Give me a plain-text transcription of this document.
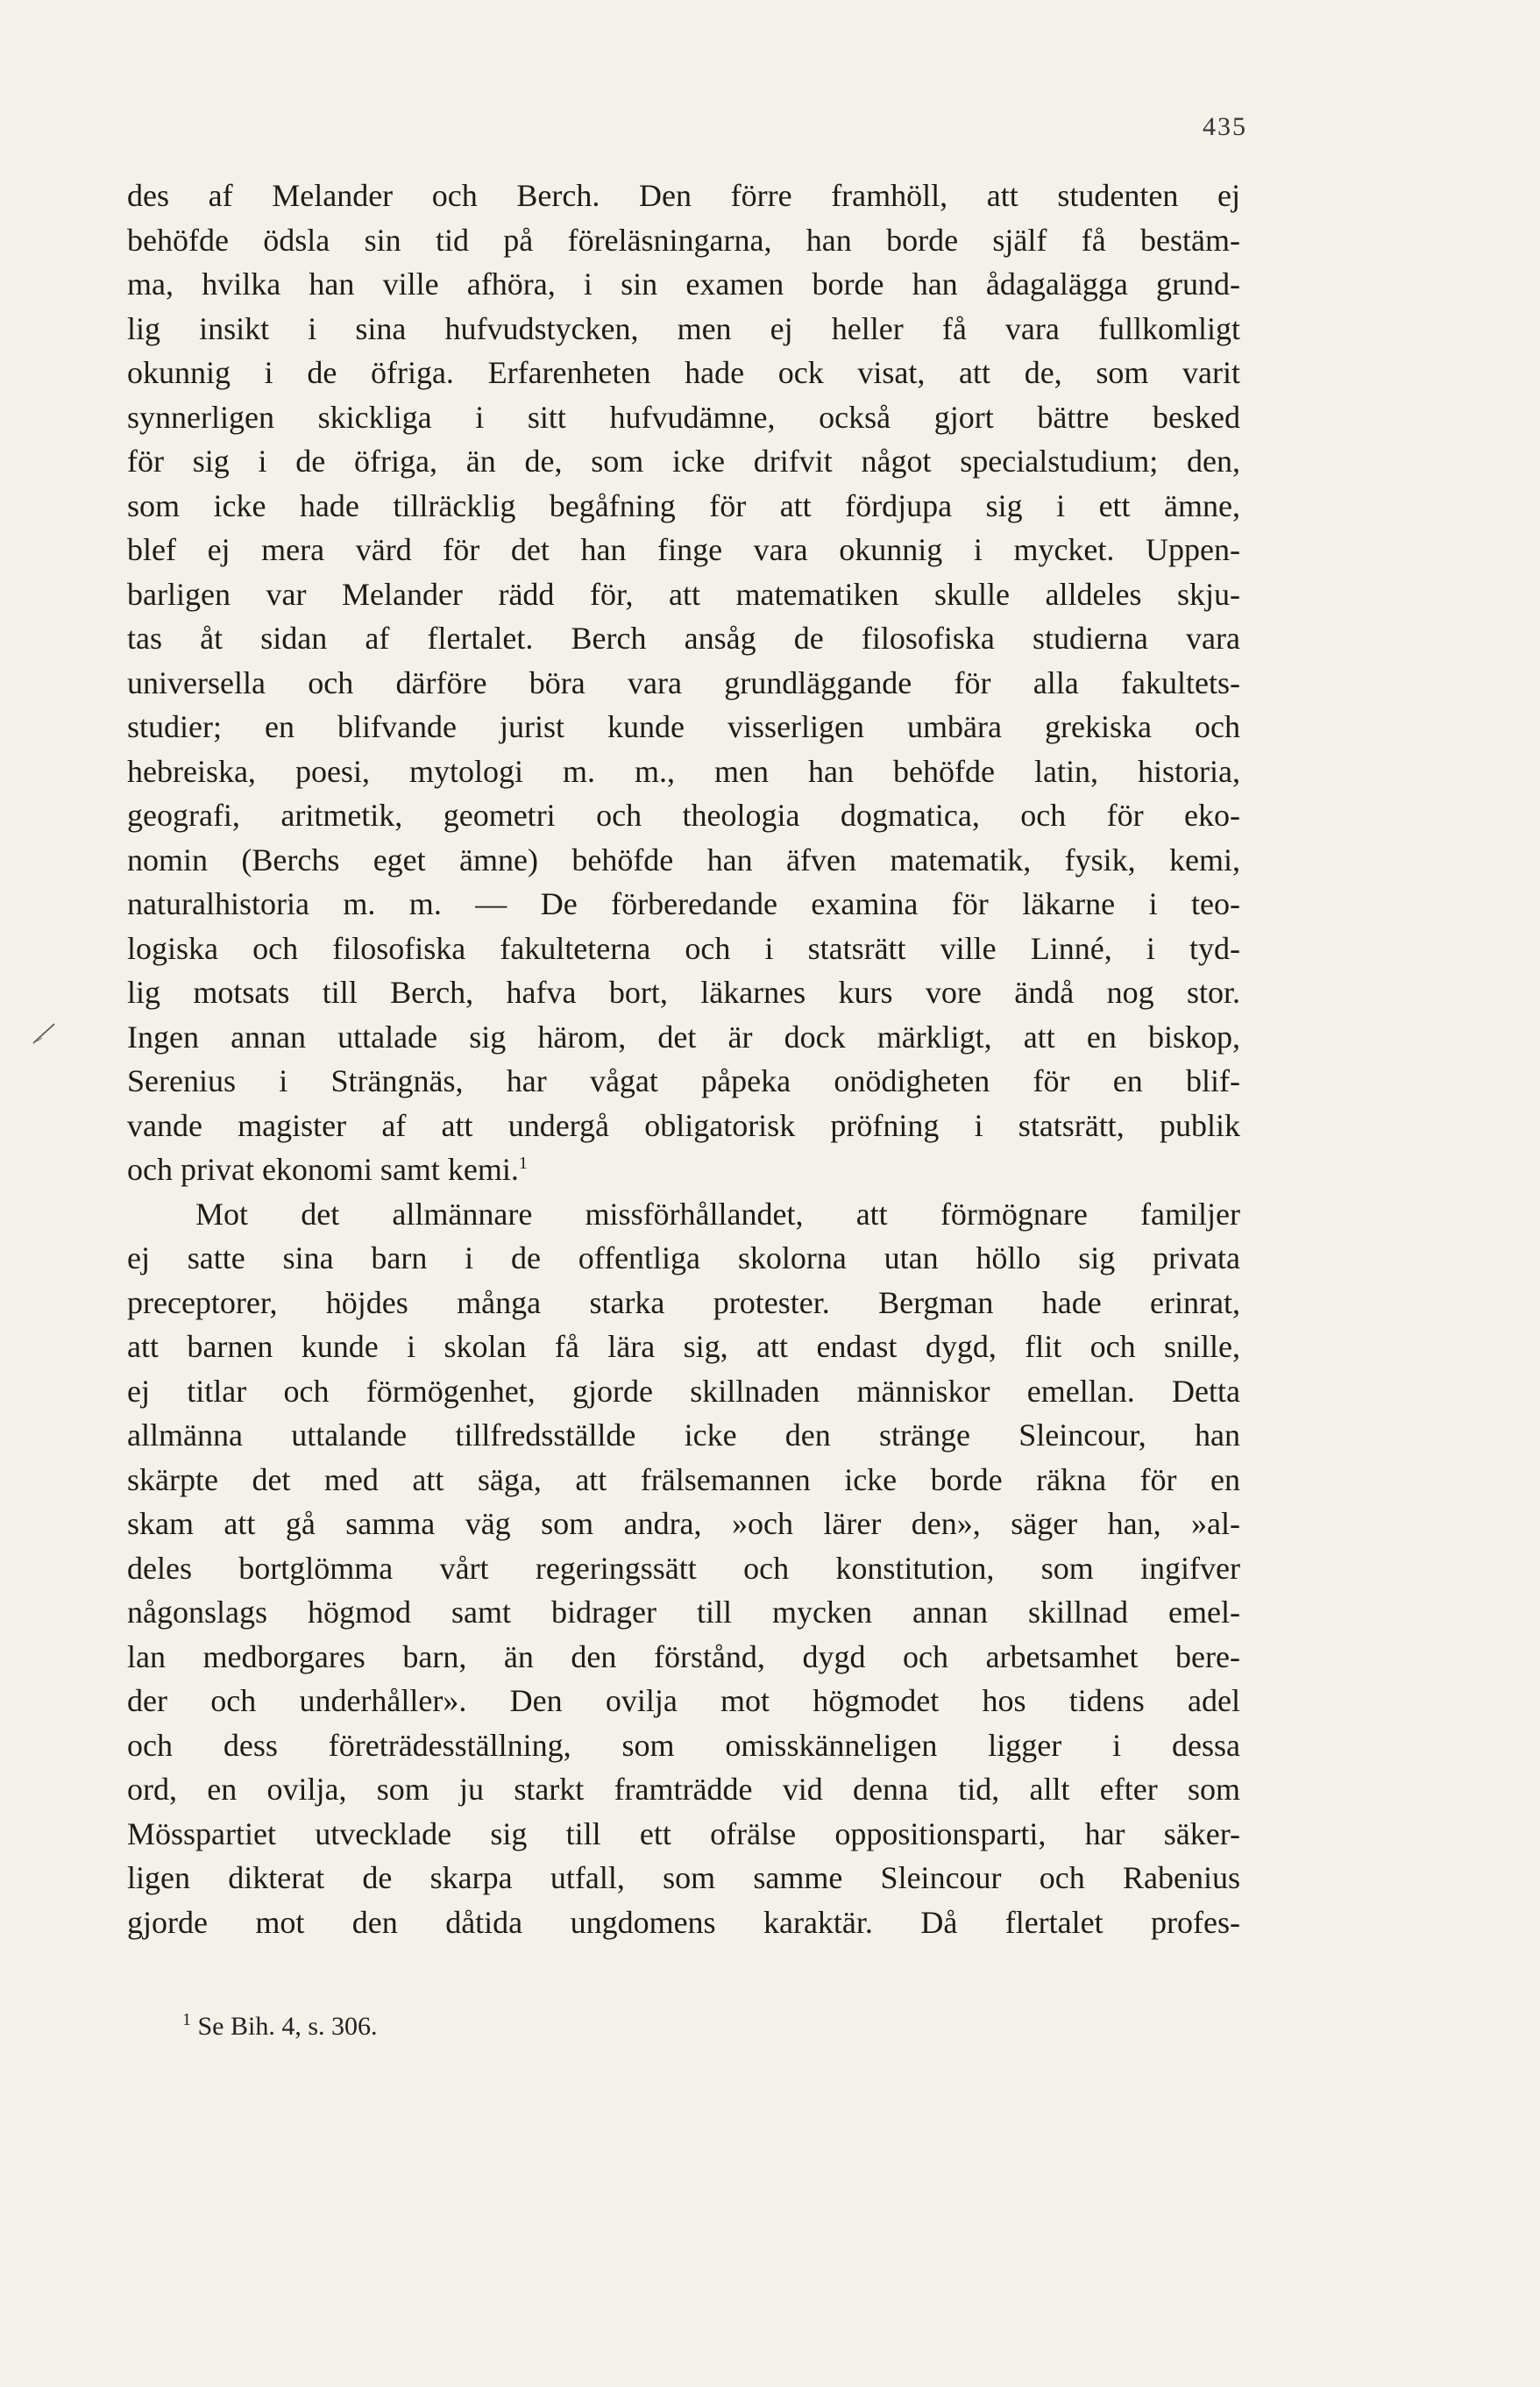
435
des af Melander och Berch. Den förre framhöll, att studenten ej
behöfde ödsla sin tid på föreläsningarna, han borde själf få bestäm-
ma, hvilka han ville afhöra, i sin examen borde han ådagalägga grund-
lig insikt i sina hufvudstycken, men ej heller få vara fullkomligt
okunnig i de öfriga. Erfarenheten hade ock visat, att de, som varit
synnerligen skickliga i sitt hufvudämne, också gjort bättre besked
för sig i de öfriga, än de, som icke drifvit något specialstudium; den,
som icke hade tillräcklig begåfning för att fördjupa sig i ett ämne,
blef ej mera värd för det han finge vara okunnig i mycket. Uppen-
barligen var Melander rädd för, att matematiken skulle alldeles skju-
tas åt sidan af flertalet. Berch ansåg de filosofiska studierna vara
universella och därföre böra vara grundläggande för alla fakultets-
studier; en blifvande jurist kunde visserligen umbära grekiska och
hebreiska, poesi, mytologi m. m., men han behöfde latin, historia,
geografi, aritmetik, geometri och theologia dogmatica, och för eko-
nomin (Berchs eget ämne) behöfde han äfven matematik, fysik, kemi,
naturalhistoria m. m. — De förberedande examina för läkarne i teo-
logiska och filosofiska fakulteterna och i statsrätt ville Linné, i tyd-
lig motsats till Berch, hafva bort, läkarnes kurs vore ändå nog stor.
Ingen annan uttalade sig härom, det är dock märkligt, att en biskop,
Serenius i Strängnäs, har vågat påpeka onödigheten för en blif-
vande magister af att undergå obligatorisk pröfning i statsrätt, publik
och privat ekonomi samt kemi.$^1$
Mot det allmännare missförhållandet, att förmögnare familjer
ej satte sina barn i de offentliga skolorna utan höllo sig privata
preceptorer, höjdes många starka protester. Bergman hade erinrat,
att barnen kunde i skolan få lära sig, att endast dygd, flit och snille,
ej titlar och förmögenhet, gjorde skillnaden människor emellan. Detta
allmänna uttalande tillfredsställde icke den stränge Sleincour, han
skärpte det med att säga, att frälsemannen icke borde räkna för en
skam att gå samma väg som andra, »och lärer den», säger han, »al-
deles bortglömma vårt regeringssätt och konstitution, som ingifver
någonslags högmod samt bidrager till mycken annan skillnad emel-
lan medborgares barn, än den förstånd, dygd och arbetsamhet bere-
der och underhåller». Den ovilja mot högmodet hos tidens adel
och dess företrädesställning, som omisskänneligen ligger i dessa
ord, en ovilja, som ju starkt framträdde vid denna tid, allt efter som
Mösspartiet utvecklade sig till ett ofrälse oppositionsparti, har säker-
ligen dikterat de skarpa utfall, som samme Sleincour och Rabenius
gjorde mot den dåtida ungdomens karaktär. Då flertalet profes-
$^1$ Se Bih. 4, s. 306.
